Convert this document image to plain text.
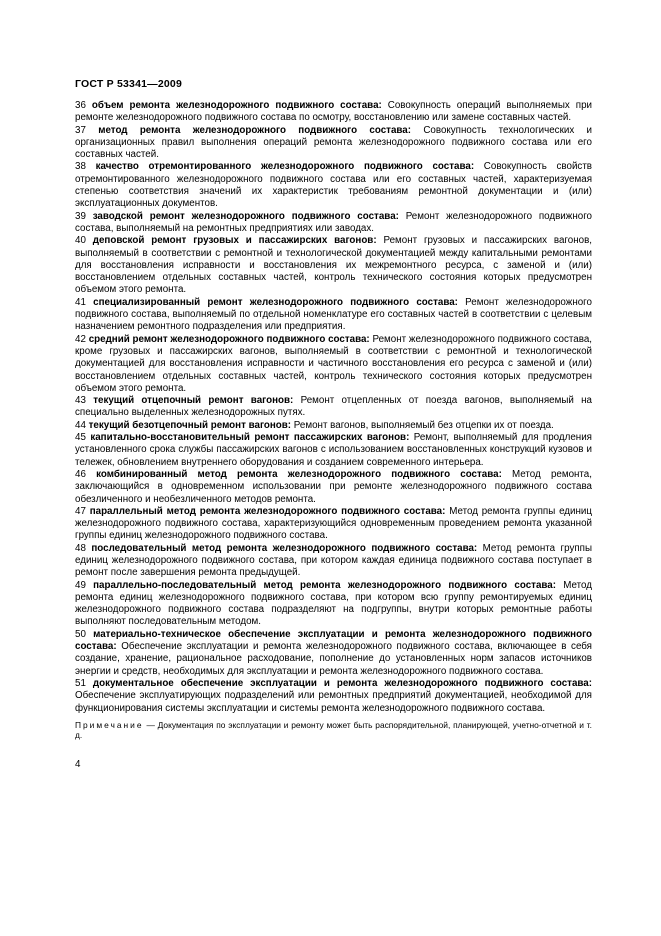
ГОСТ Р 53341—2009

36 объем ремонта железнодорожного подвижного состава: Совокупность операций выполняемых при ремонте железнодорожного подвижного состава по осмотру, восстановлению или замене составных частей.

37 метод ремонта железнодорожного подвижного состава: Совокупность технологических и организационных правил выполнения операций ремонта железнодорожного подвижного состава или его составных частей.

38 качество отремонтированного железнодорожного подвижного состава: Совокупность свойств отремонтированного железнодорожного подвижного состава или его составных частей, характеризуемая степенью соответствия значений их характеристик требованиям ремонтной документации и (или) эксплуатационных документов.

39 заводской ремонт железнодорожного подвижного состава: Ремонт железнодорожного подвижного состава, выполняемый на ремонтных предприятиях или заводах.

40 деповской ремонт грузовых и пассажирских вагонов: Ремонт грузовых и пассажирских вагонов, выполняемый в соответствии с ремонтной и технологической документацией между капитальными ремонтами для восстановления исправности и восстановления их межремонтного ресурса, с заменой и (или) восстановлением отдельных составных частей, контроль технического состояния которых предусмотрен объемом этого ремонта.

41 специализированный ремонт железнодорожного подвижного состава: Ремонт железнодорожного подвижного состава, выполняемый по отдельной номенклатуре его составных частей в соответствии с целевым назначением ремонтного подразделения или предприятия.

42 средний ремонт железнодорожного подвижного состава: Ремонт железнодорожного подвижного состава, кроме грузовых и пассажирских вагонов, выполняемый в соответствии с ремонтной и технологической документацией для восстановления исправности и частичного восстановления его ресурса с заменой и (или) восстановлением отдельных составных частей, контроль технического состояния которых предусмотрен объемом этого ремонта.

43 текущий отцепочный ремонт вагонов: Ремонт отцепленных от поезда вагонов, выполняемый на специально выделенных железнодорожных путях.

44 текущий безотцепочный ремонт вагонов: Ремонт вагонов, выполняемый без отцепки их от поезда.

45 капитально-восстановительный ремонт пассажирских вагонов: Ремонт, выполняемый для продления установленного срока службы пассажирских вагонов с использованием восстановленных конструкций кузовов и тележек, обновлением внутреннего оборудования и созданием современного интерьера.

46 комбинированный метод ремонта железнодорожного подвижного состава: Метод ремонта, заключающийся в одновременном использовании при ремонте железнодорожного подвижного состава обезличенного и необезличенного методов ремонта.

47 параллельный метод ремонта железнодорожного подвижного состава: Метод ремонта группы единиц железнодорожного подвижного состава, характеризующийся одновременным проведением ремонта указанной группы единиц железнодорожного подвижного состава.

48 последовательный метод ремонта железнодорожного подвижного состава: Метод ремонта группы единиц железнодорожного подвижного состава, при котором каждая единица подвижного состава поступает в ремонт после завершения ремонта предыдущей.

49 параллельно-последовательный метод ремонта железнодорожного подвижного состава: Метод ремонта единиц железнодорожного подвижного состава, при котором всю группу ремонтируемых единиц железнодорожного подвижного состава подразделяют на подгруппы, внутри которых ремонтные работы выполняют последовательным методом.

50 материально-техническое обеспечение эксплуатации и ремонта железнодорожного подвижного состава: Обеспечение эксплуатации и ремонта железнодорожного подвижного состава, включающее в себя создание, хранение, рациональное расходование, пополнение до установленных норм запасов источников энергии и средств, необходимых для эксплуатации и ремонта железнодорожного подвижного состава.

51 документальное обеспечение эксплуатации и ремонта железнодорожного подвижного состава: Обеспечение эксплуатирующих подразделений или ремонтных предприятий документацией, необходимой для функционирования системы эксплуатации и системы ремонта железнодорожного подвижного состава.

Примечание — Документация по эксплуатации и ремонту может быть распорядительной, планирующей, учетно-отчетной и т. д.

4
